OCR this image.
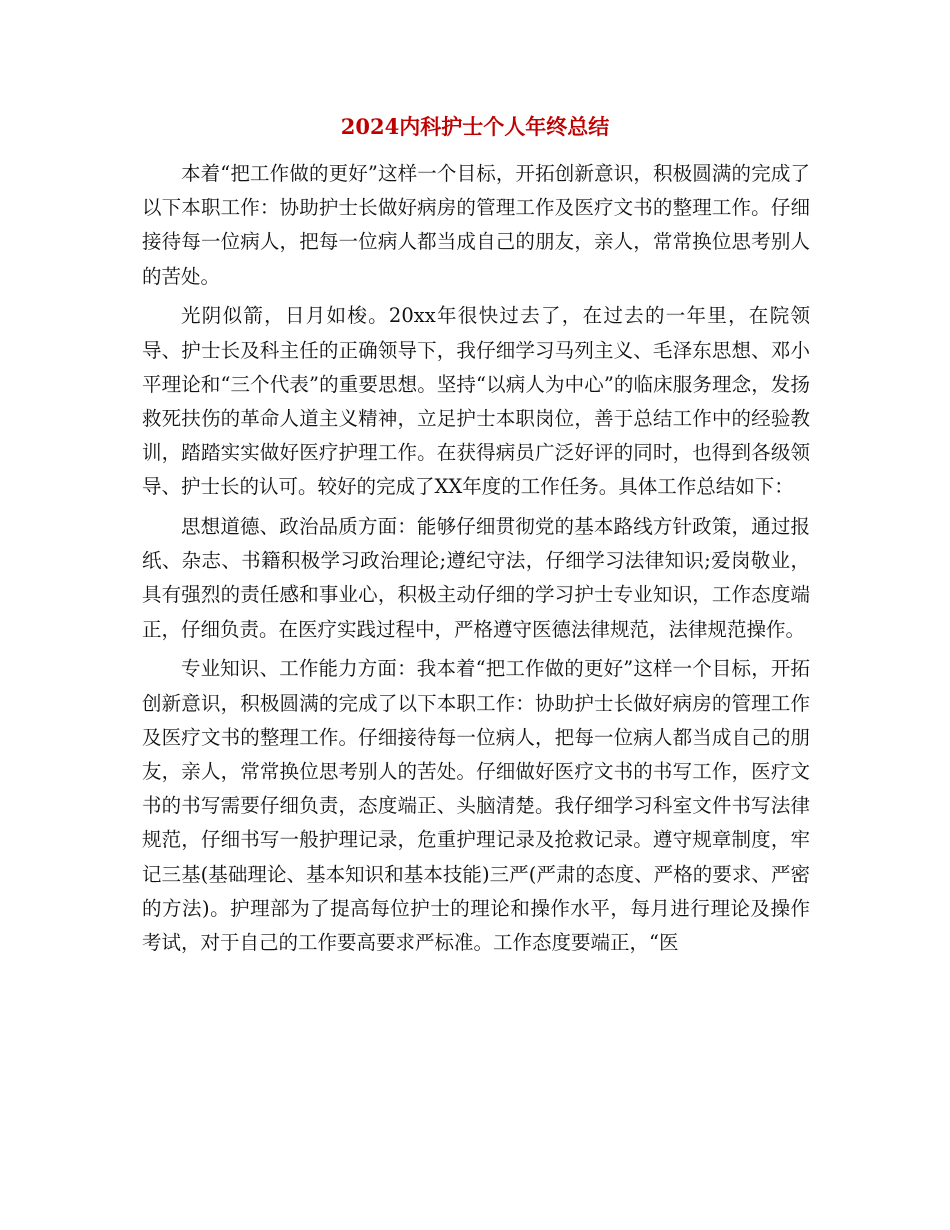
2024内科护士个人年终总结

本着“把工作做的更好”这样一个目标，开拓创新意识，积极圆满的完成了以下本职工作：协助护士长做好病房的管理工作及医疗文书的整理工作。仔细接待每一位病人，把每一位病人都当成自己的朋友，亲人，常常换位思考别人的苦处。

光阴似箭，日月如梭。20xx年很快过去了，在过去的一年里，在院领导、护士长及科主任的正确领导下，我仔细学习马列主义、毛泽东思想、邓小平理论和“三个代表”的重要思想。坚持“以病人为中心”的临床服务理念，发扬救死扶伤的革命人道主义精神，立足护士本职岗位，善于总结工作中的经验教训，踏踏实实做好医疗护理工作。在获得病员广泛好评的同时，也得到各级领导、护士长的认可。较好的完成了XX年度的工作任务。具体工作总结如下：

思想道德、政治品质方面：能够仔细贯彻党的基本路线方针政策，通过报纸、杂志、书籍积极学习政治理论;遵纪守法，仔细学习法律知识;爱岗敬业，具有强烈的责任感和事业心，积极主动仔细的学习护士专业知识，工作态度端正，仔细负责。在医疗实践过程中，严格遵守医德法律规范，法律规范操作。

专业知识、工作能力方面：我本着“把工作做的更好”这样一个目标，开拓创新意识，积极圆满的完成了以下本职工作：协助护士长做好病房的管理工作及医疗文书的整理工作。仔细接待每一位病人，把每一位病人都当成自己的朋友，亲人，常常换位思考别人的苦处。仔细做好医疗文书的书写工作，医疗文书的书写需要仔细负责，态度端正、头脑清楚。我仔细学习科室文件书写法律规范，仔细书写一般护理记录，危重护理记录及抢救记录。遵守规章制度，牢记三基(基础理论、基本知识和基本技能)三严(严肃的态度、严格的要求、严密的方法)。护理部为了提高每位护士的理论和操作水平，每月进行理论及操作考试，对于自己的工作要高要求严标准。工作态度要端正，“医
